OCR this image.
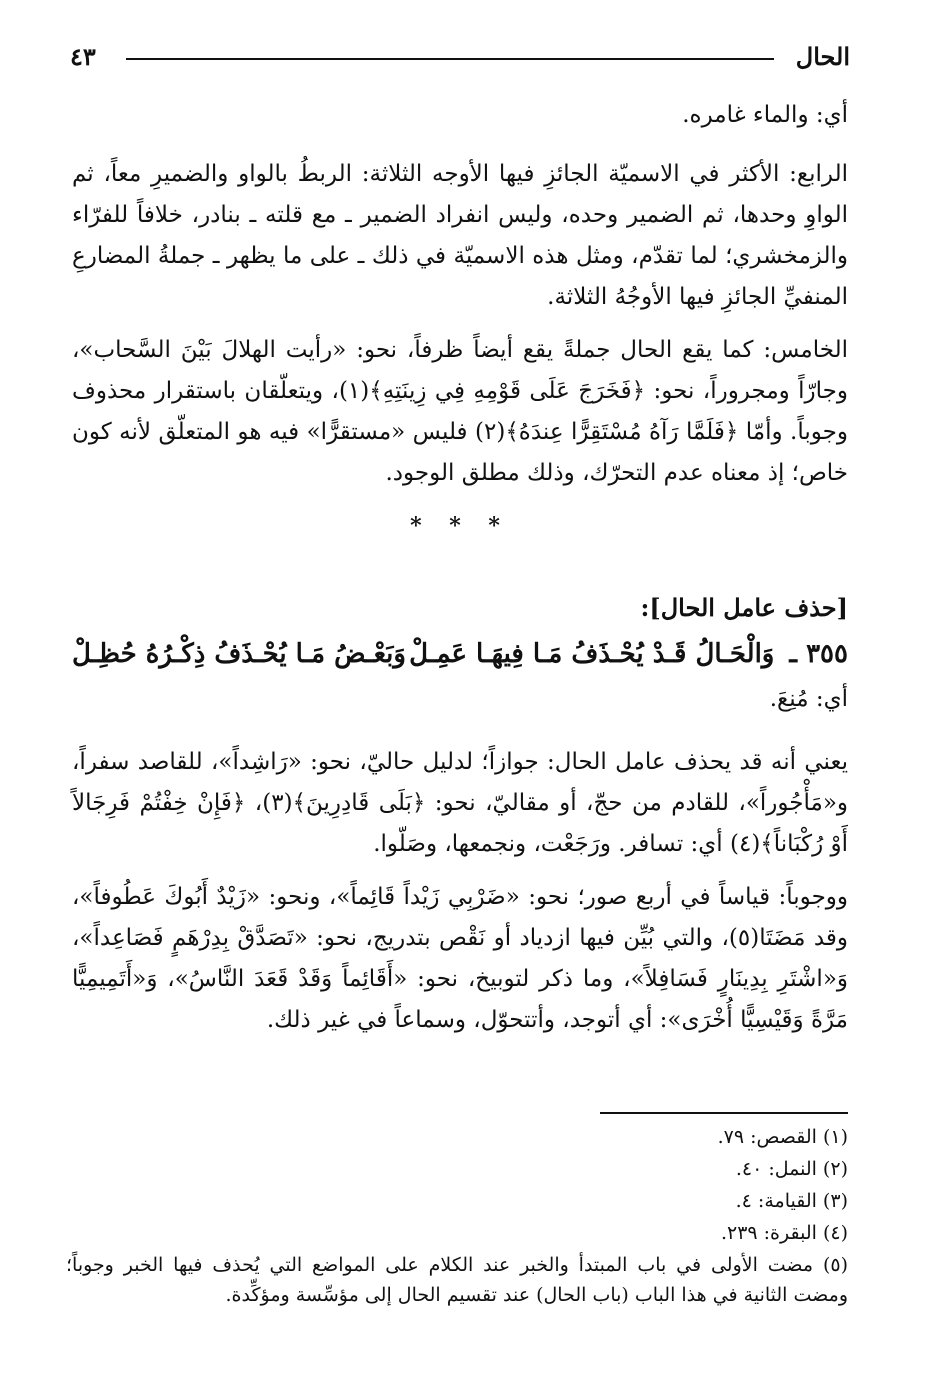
الحال
٤٣

أي: والماء غامره.

الرابع: الأكثر في الاسميّة الجائزِ فيها الأوجه الثلاثة: الربطُ بالواو والضميرِ معاً، ثم الواوِ وحدها، ثم الضمير وحده، وليس انفراد الضمير ـ مع قلته ـ بنادر، خلافاً للفرّاء والزمخشري؛ لما تقدّم، ومثل هذه الاسميّة في ذلك ـ على ما يظهر ـ جملةُ المضارعِ المنفيِّ الجائزِ فيها الأوجُهُ الثلاثة.

الخامس: كما يقع الحال جملةً يقع أيضاً ظرفاً، نحو: «رأيت الهلالَ بَيْنَ السَّحاب»، وجارّاً ومجروراً، نحو: ﴿فَخَرَجَ عَلَى قَوْمِهِ فِي زِينَتِهِ﴾(١)، ويتعلّقان باستقرار محذوف وجوباً. وأمّا ﴿فَلَمَّا رَآهُ مُسْتَقِرًّا عِندَهُ﴾(٢) فليس «مستقرًّا» فيه هو المتعلّق لأنه كون خاص؛ إذ معناه عدم التحرّك، وذلك مطلق الوجود.

* * *

[حذف عامل الحال]:

٣٥٥ ـ وَالْحَـالُ قَـدْ يُحْـذَفُ مَـا فِيهَـا عَمِـلْ
وَبَعْـضُ مَـا يُحْـذَفُ ذِكْـرُهُ حُظِـلْ

أي: مُنِعَ.

يعني أنه قد يحذف عامل الحال: جوازاً؛ لدليل حاليّ، نحو: «رَاشِداً»، للقاصد سفراً، و«مَأْجُوراً»، للقادم من حجّ، أو مقاليّ، نحو: ﴿بَلَى قَادِرِينَ﴾(٣)، ﴿فَإِنْ خِفْتُمْ فَرِجَالاً أَوْ رُكْبَاناً﴾(٤) أي: تسافر. ورَجَعْت، ونجمعها، وصَلّوا.

ووجوباً: قياساً في أربع صور؛ نحو: «ضَرْبِي زَيْداً قَائِماً»، ونحو: «زَيْدٌ أَبُوكَ عَطُوفاً»، وقد مَضَتَا(٥)، والتي بُيِّن فيها ازدياد أو نَقْص بتدريج، نحو: «تَصَدَّقْ بِدِرْهَمٍ فَصَاعِداً»، وَ«اشْتَرِ بِدِينَارٍ فَسَافِلاً»، وما ذكر لتوبيخ، نحو: «أَقَائِماً وَقَدْ قَعَدَ النَّاسُ»، وَ«أَتَمِيمِيًّا مَرَّةً وَقَيْسِيًّا أُخْرَى»: أي أتوجد، وأتتحوّل، وسماعاً في غير ذلك.

(١) القصص: ٧٩.

(٢) النمل: ٤٠.

(٣) القيامة: ٤.

(٤) البقرة: ٢٣٩.

(٥) مضت الأولى في باب المبتدأ والخبر عند الكلام على المواضع التي يُحذف فيها الخبر وجوباً؛ ومضت الثانية في هذا الباب (باب الحال) عند تقسيم الحال إلى مؤسِّسة ومؤكِّدة.
